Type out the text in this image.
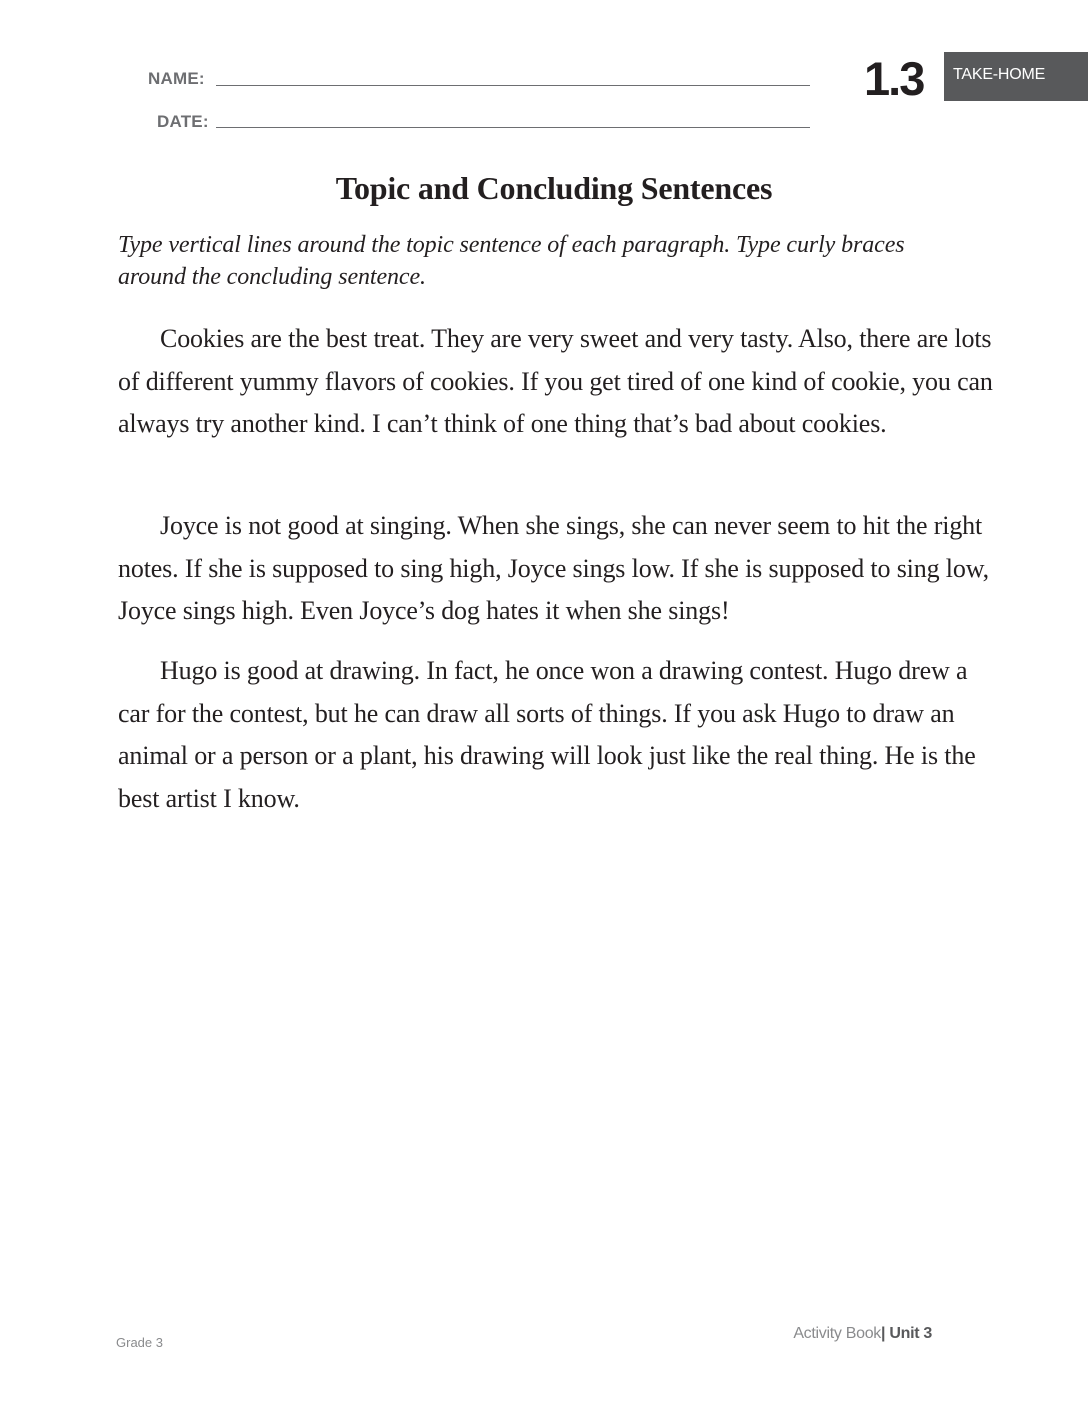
NAME:
DATE:
1.3 TAKE-HOME
Topic and Concluding Sentences

Type vertical lines around the topic sentence of each paragraph. Type curly braces around the concluding sentence.

Cookies are the best treat. They are very sweet and very tasty. Also, there are lots of different yummy flavors of cookies. If you get tired of one kind of cookie, you can always try another kind. I can’t think of one thing that’s bad about cookies.

Joyce is not good at singing. When she sings, she can never seem to hit the right notes. If she is supposed to sing high, Joyce sings low. If she is supposed to sing low, Joyce sings high. Even Joyce’s dog hates it when she sings!

Hugo is good at drawing. In fact, he once won a drawing contest. Hugo drew a car for the contest, but he can draw all sorts of things. If you ask Hugo to draw an animal or a person or a plant, his drawing will look just like the real thing. He is the best artist I know.

Grade 3
Activity Book| Unit 3
